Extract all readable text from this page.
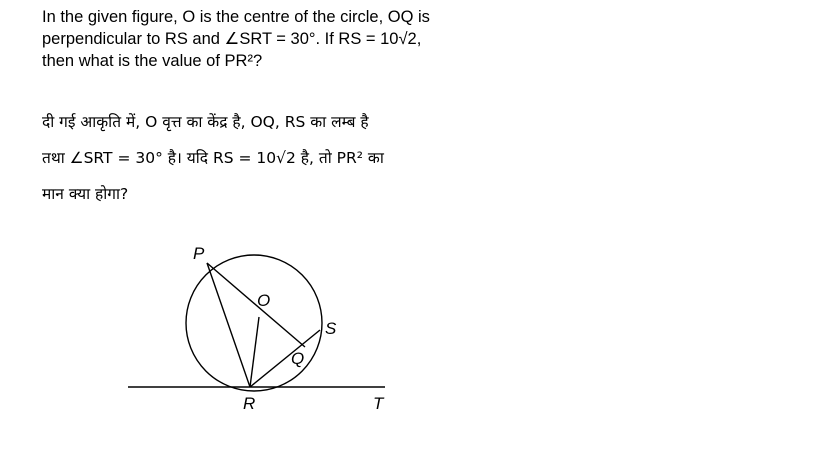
In the given figure, O is the centre of the circle, OQ is
perpendicular to RS and ∠SRT = 30°. If RS = 10√2,
then what is the value of PR²?
दी गई आकृति में, O वृत्त का केंद्र है, OQ, RS का लम्ब है
तथा ∠SRT = 30° है। यदि RS = 10√2 है, तो PR² का
मान क्या होगा?
P
O
S
Q
R	T
